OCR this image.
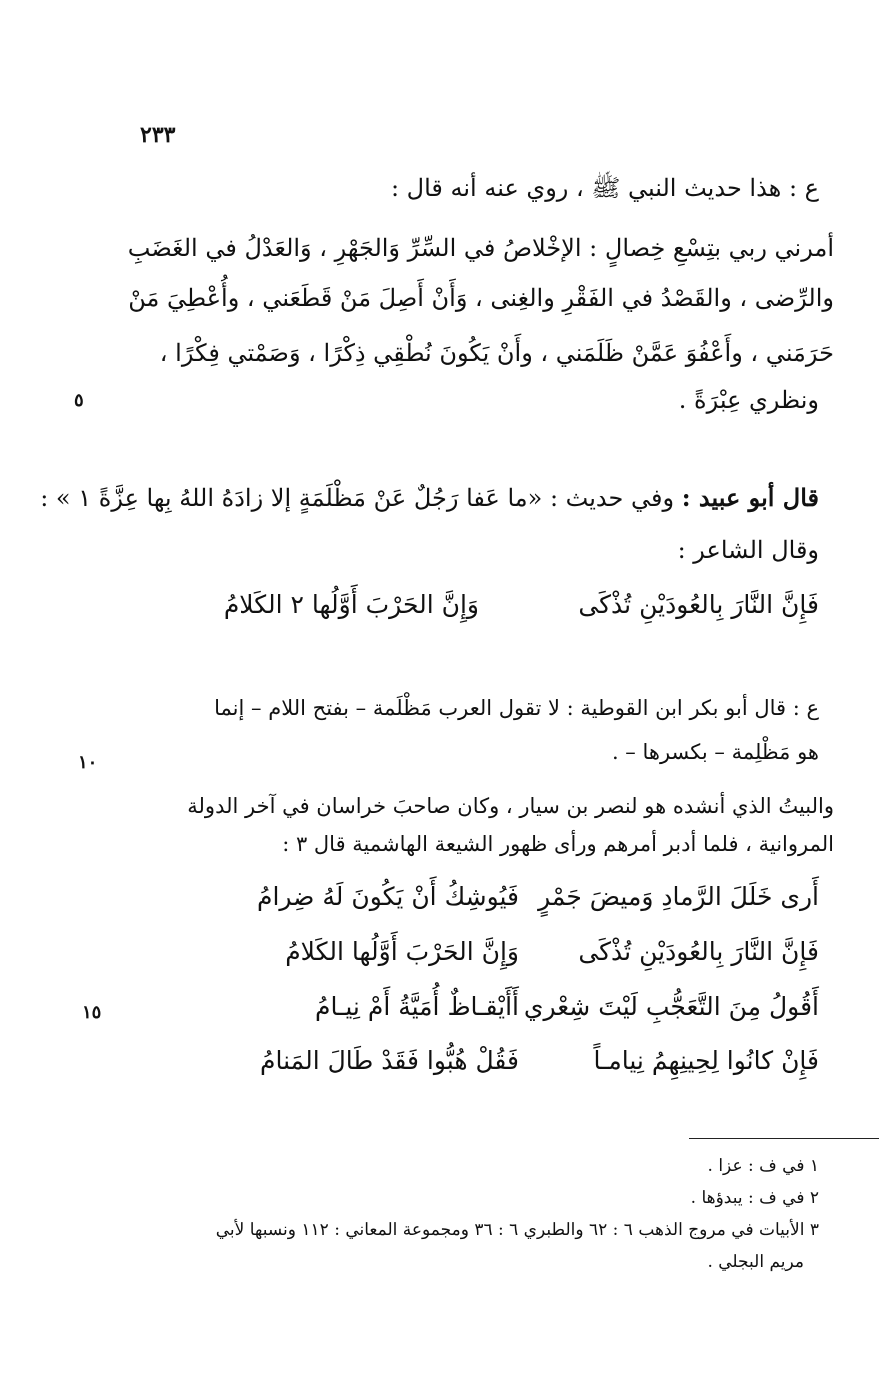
٢٣٣
ع : هذا حديث النبي ﷺ ، روي عنه أنه قال :
أمرني ربي بتِسْعِ خِصالٍ : الإخْلاصُ في السِّرِّ وَالجَهْرِ ، وَالعَدْلُ في الغَضَبِ
والرِّضى ، والقَصْدُ في الفَقْرِ والغِنى ، وَأَنْ أَصِلَ مَنْ قَطَعَني ، وأُعْطِيَ مَنْ
حَرَمَني ، وأَعْفُوَ عَمَّنْ ظَلَمَني ، وأَنْ يَكُونَ نُطْقِي ذِكْرًا ، وَصَمْتي فِكْرًا ،
ونظري عِبْرَةً .
٥
قال أبو عبيد : وفي حديث : «ما عَفا رَجُلٌ عَنْ مَظْلَمَةٍ إلا زادَهُ اللهُ بِها عِزَّةً ١ » :
وقال الشاعر :
فَإِنَّ النَّارَ بِالعُودَيْنِ تُذْكَى
وَإِنَّ الحَرْبَ أَوَّلُها ٢ الكَلامُ
ع : قال أبو بكر ابن القوطية : لا تقول العرب مَظْلَمة – بفتح اللام – إنما
هو مَظْلِمة – بكسرها – .
١٠
والبيتُ الذي أنشده هو لنصر بن سيار ، وكان صاحبَ خراسان في آخر الدولة
المروانية ، فلما أدبر أمرهم ورأى ظهور الشيعة الهاشمية قال ٣ :
أَرى خَلَلَ الرَّمادِ وَميضَ جَمْرٍ
فَيُوشِكُ أَنْ يَكُونَ لَهُ ضِرامُ
فَإِنَّ النَّارَ بِالعُودَيْنِ تُذْكَى
وَإِنَّ الحَرْبَ أَوَّلُها الكَلامُ
أَقُولُ مِنَ التَّعَجُّبِ لَيْتَ شِعْري
أَأَيْقـاظٌ أُمَيَّةُ أَمْ نِيـامُ
١٥
فَإِنْ كانُوا لِحِينِهِمُ نِيامـاً
فَقُلْ هُبُّوا فَقَدْ طَالَ المَنامُ
١ في ف : عزا .
٢ في ف : يبدؤها .
٣ الأبيات في مروج الذهب ٦ : ٦٢ والطبري ٦ : ٣٦ ومجموعة المعاني : ١١٢ ونسبها لأبي
مريم البجلي .
